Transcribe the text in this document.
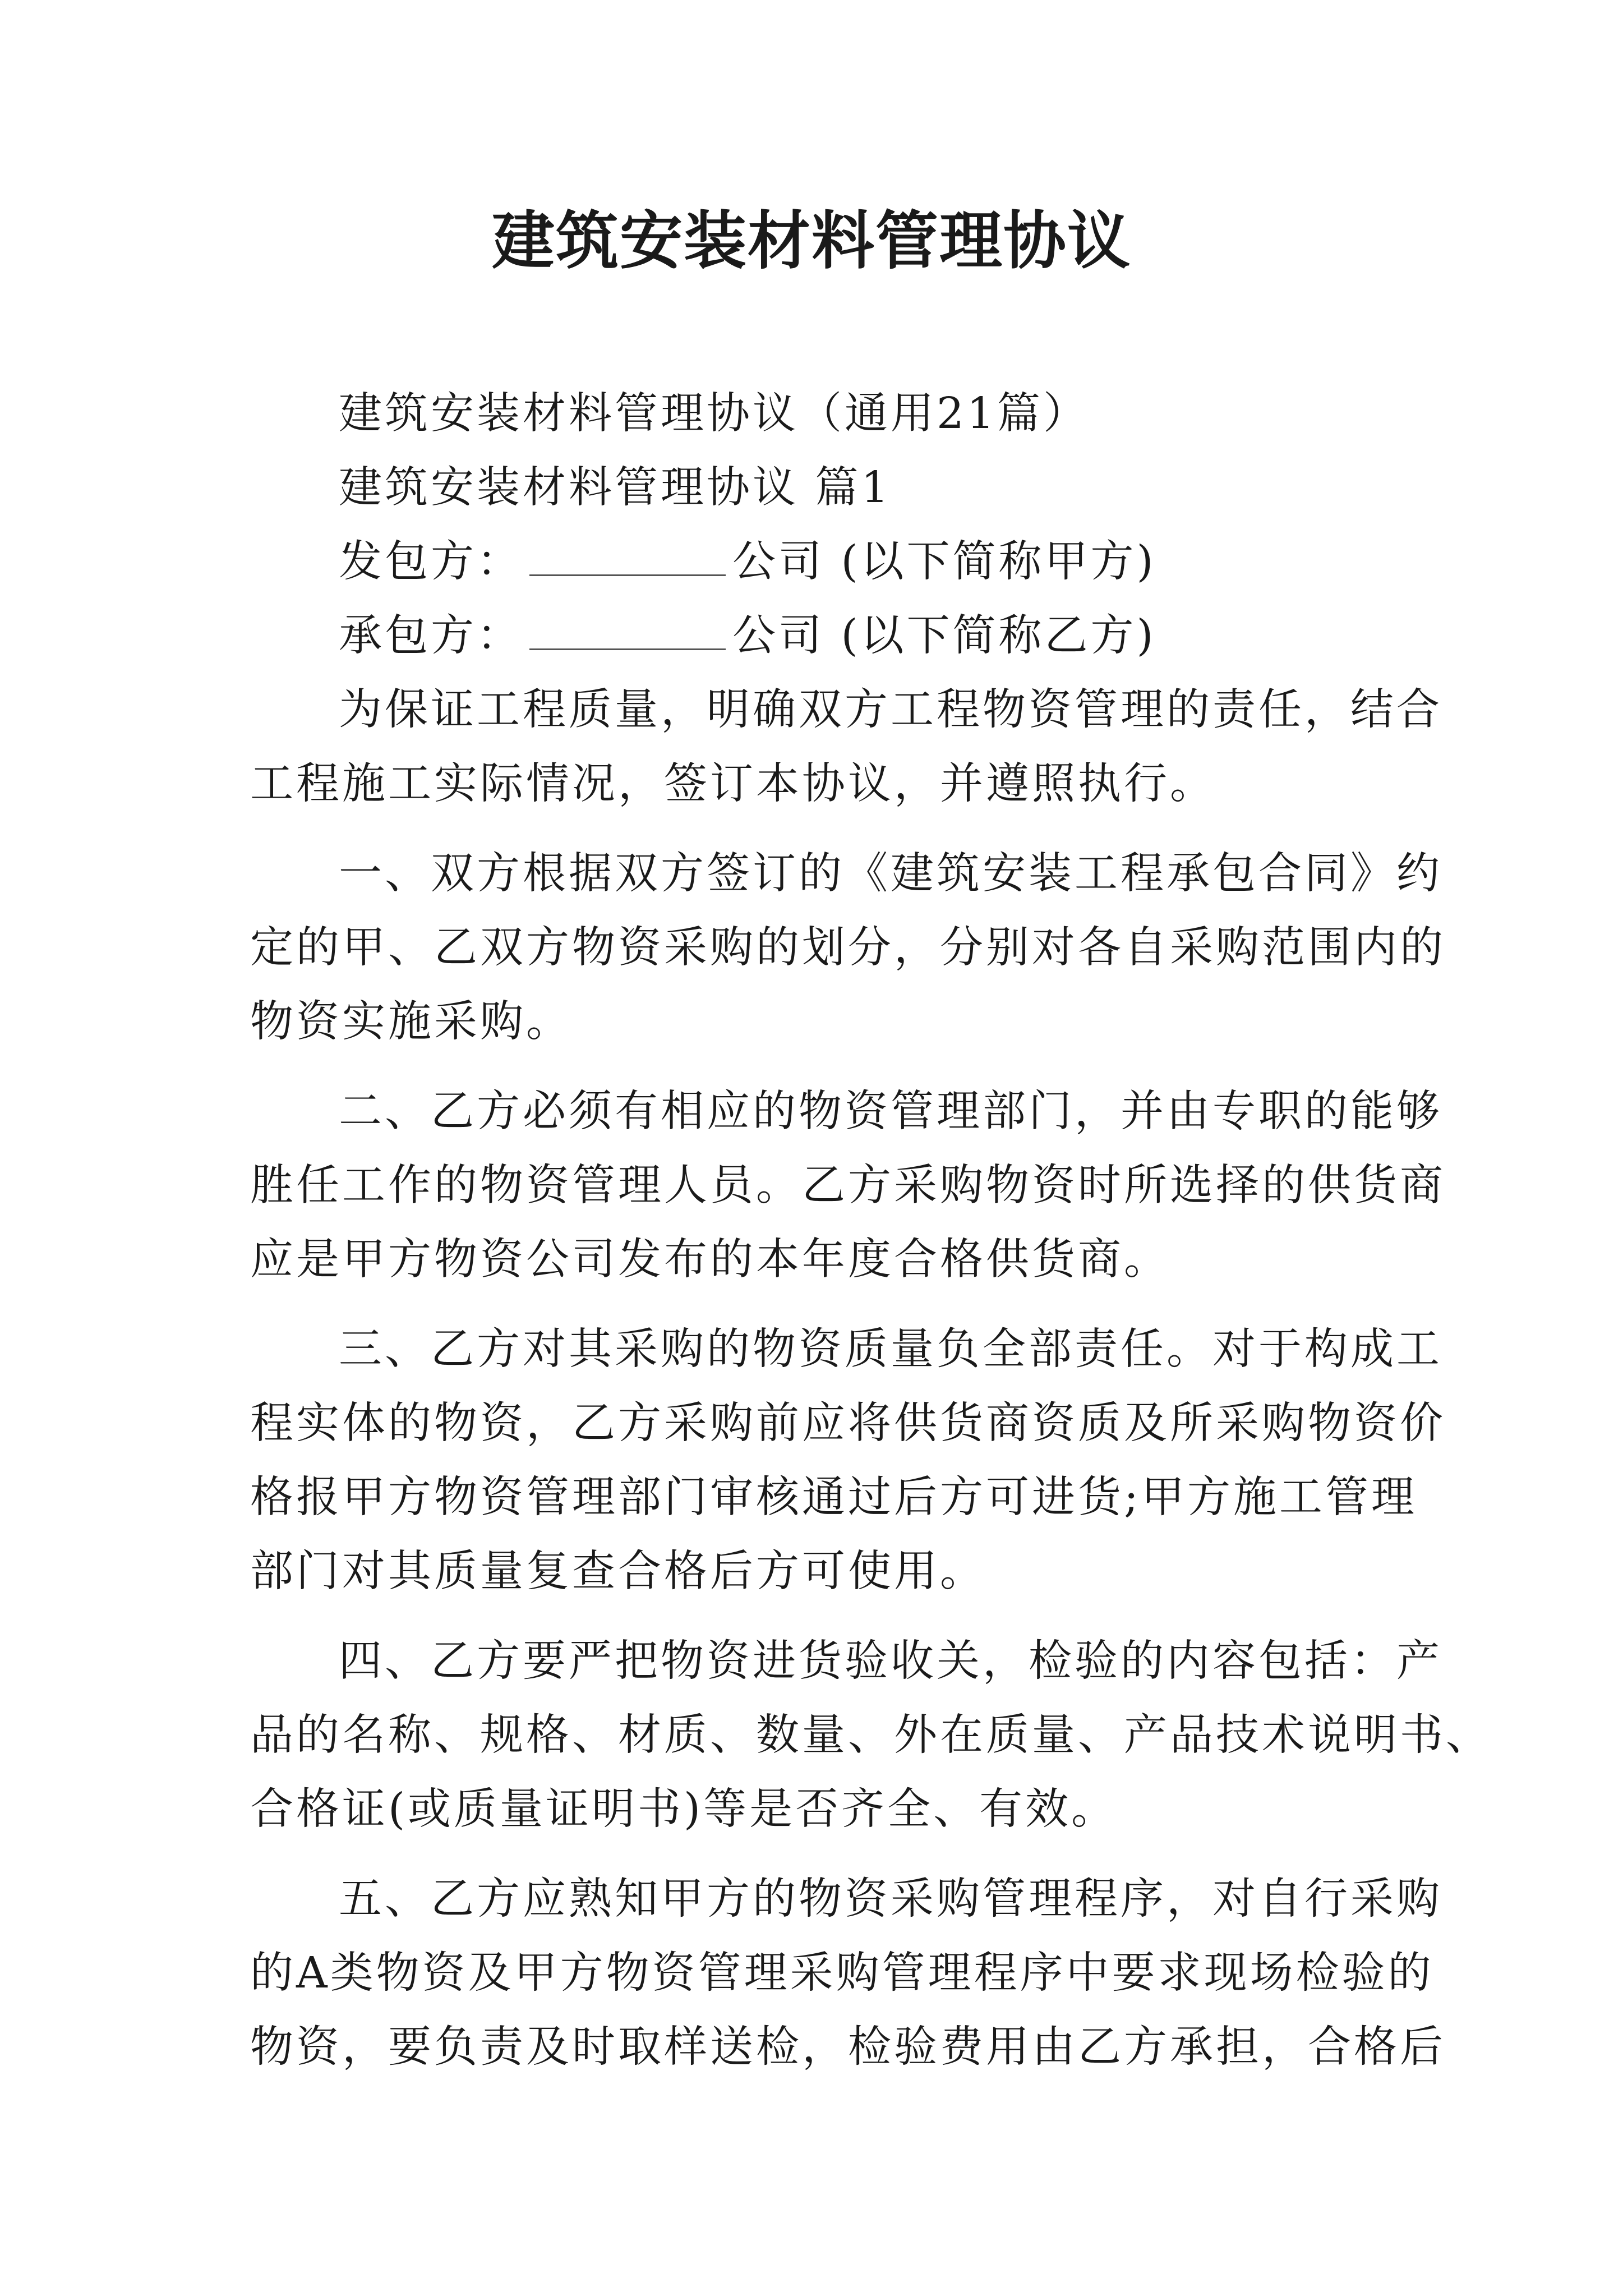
建筑安装材料管理协议
建筑安装材料管理协议（通用21篇）
建筑安装材料管理协议 篇1
发包方：	公司 (以下简称甲方)
承包方：	公司 (以下简称乙方)
为保证工程质量，明确双方工程物资管理的责任，结合
工程施工实际情况，签订本协议，并遵照执行。
一、双方根据双方签订的《建筑安装工程承包合同》约
定的甲、乙双方物资采购的划分，分别对各自采购范围内的
物资实施采购。
二、乙方必须有相应的物资管理部门，并由专职的能够
胜任工作的物资管理人员。乙方采购物资时所选择的供货商
应是甲方物资公司发布的本年度合格供货商。
三、乙方对其采购的物资质量负全部责任。对于构成工
程实体的物资，乙方采购前应将供货商资质及所采购物资价
格报甲方物资管理部门审核通过后方可进货;甲方施工管理
部门对其质量复查合格后方可使用。
四、乙方要严把物资进货验收关，检验的内容包括：产
品的名称、规格、材质、数量、外在质量、产品技术说明书、
合格证(或质量证明书)等是否齐全、有效。
五、乙方应熟知甲方的物资采购管理程序，对自行采购
的A类物资及甲方物资管理采购管理程序中要求现场检验的
物资，要负责及时取样送检，检验费用由乙方承担，合格后
